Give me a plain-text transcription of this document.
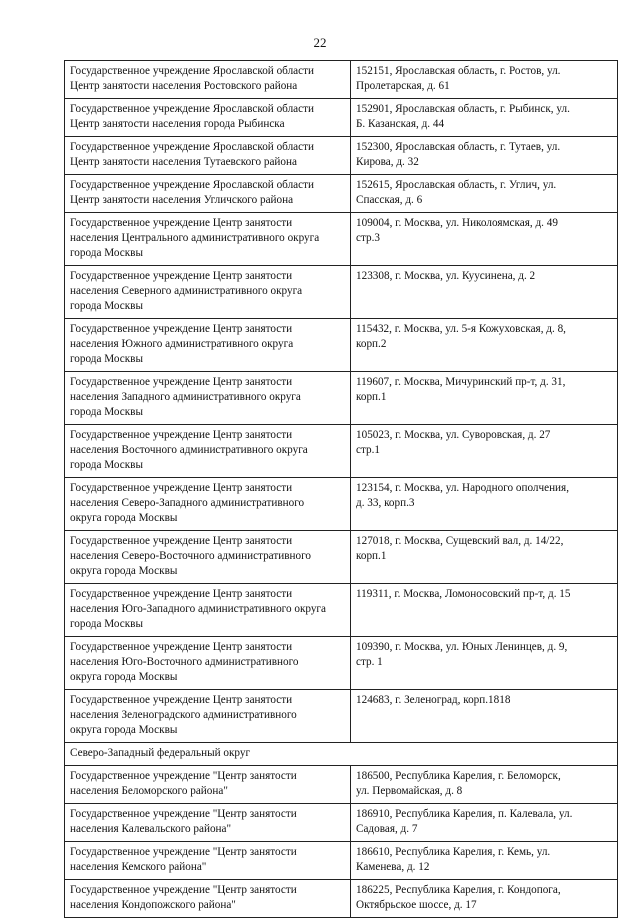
22
Государственное учреждение Ярославской области
Центр занятости населения Ростовского района	152151, Ярославская область, г. Ростов, ул.
Пролетарская, д. 61

Государственное учреждение Ярославской области
Центр занятости населения города Рыбинска	152901, Ярославская область, г. Рыбинск, ул.
Б. Казанская, д. 44

Государственное учреждение Ярославской области
Центр занятости населения Тутаевского района	152300, Ярославская область, г. Тутаев, ул.
Кирова, д. 32

Государственное учреждение Ярославской области
Центр занятости населения Угличского района	152615, Ярославская область, г. Углич, ул.
Спасская, д. 6

Государственное учреждение Центр занятости
населения Центрального административного округа
города Москвы	109004, г. Москва, ул. Николоямская, д. 49
стр.3

Государственное учреждение Центр занятости
населения Северного административного округа
города Москвы	123308, г. Москва, ул. Куусинена, д. 2

Государственное учреждение Центр занятости
населения Южного административного округа
города Москвы	115432, г. Москва, ул. 5-я Кожуховская, д. 8,
корп.2

Государственное учреждение Центр занятости
населения Западного административного округа
города Москвы	119607, г. Москва, Мичуринский пр-т, д. 31,
корп.1

Государственное учреждение Центр занятости
населения Восточного административного округа
города Москвы	105023, г. Москва, ул. Суворовская, д. 27
стр.1

Государственное учреждение Центр занятости
населения Северо-Западного административного
округа города Москвы	123154, г. Москва, ул. Народного ополчения,
д. 33, корп.3

Государственное учреждение Центр занятости
населения Северо-Восточного административного
округа города Москвы	127018, г. Москва, Сущевский вал, д. 14/22,
корп.1

Государственное учреждение Центр занятости
населения Юго-Западного административного округа
города Москвы	119311, г. Москва, Ломоносовский пр-т, д. 15

Государственное учреждение Центр занятости
населения Юго-Восточного административного
округа города Москвы	109390, г. Москва, ул. Юных Ленинцев, д. 9,
стр. 1

Государственное учреждение Центр занятости
населения Зеленоградского административного
округа города Москвы	124683, г. Зеленоград, корп.1818

Северо-Западный федеральный округ	

Государственное учреждение "Центр занятости
населения Беломорского района"	186500, Республика Карелия, г. Беломорск,
ул. Первомайская, д. 8

Государственное учреждение "Центр занятости
населения Калевальского района"	186910, Республика Карелия, п. Калевала, ул.
Садовая, д. 7

Государственное учреждение "Центр занятости
населения Кемского района"	186610, Республика Карелия, г. Кемь, ул.
Каменева, д. 12

Государственное учреждение "Центр занятости
населения Кондопожского района"	186225, Республика Карелия, г. Кондопога,
Октябрьское шоссе, д. 17
